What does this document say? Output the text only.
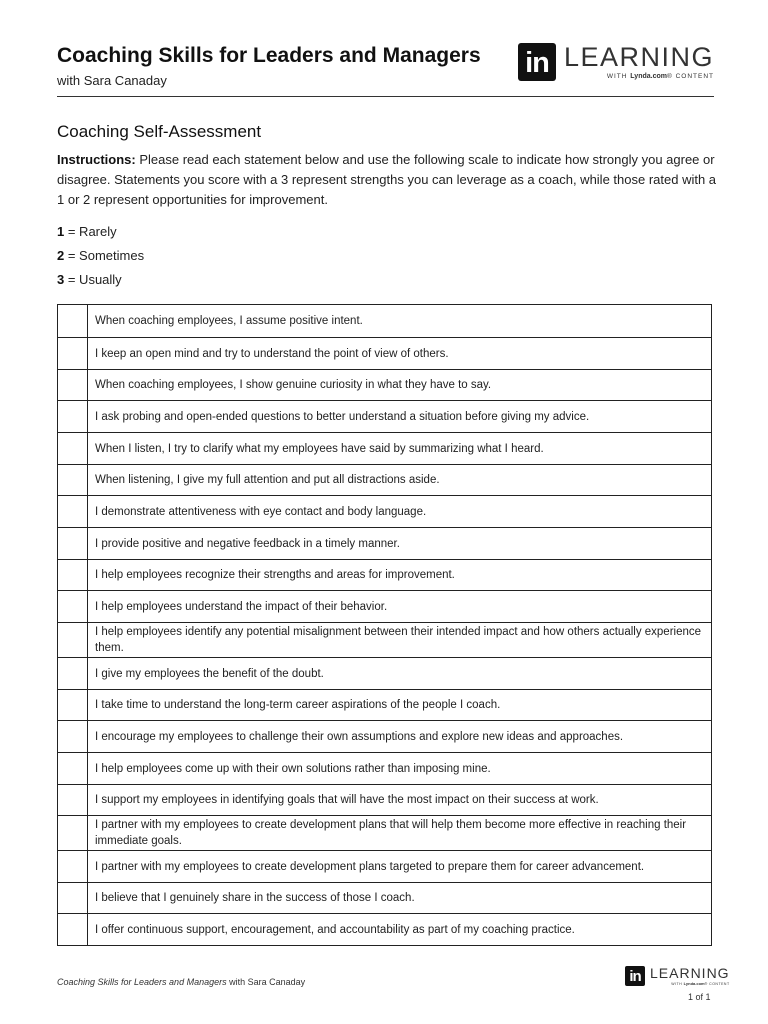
Coaching Skills for Leaders and Managers
with Sara Canaday
in LEARNING
WITH Lynda.com® CONTENT
Coaching Self-Assessment
Instructions: Please read each statement below and use the following scale to indicate how strongly you agree or disagree. Statements you score with a 3 represent strengths you can leverage as a coach, while those rated with a 1 or 2 represent opportunities for improvement.
1 = Rarely
2 = Sometimes
3 = Usually
When coaching employees, I assume positive intent.
I keep an open mind and try to understand the point of view of others.
When coaching employees, I show genuine curiosity in what they have to say.
I ask probing and open-ended questions to better understand a situation before giving my advice.
When I listen, I try to clarify what my employees have said by summarizing what I heard.
When listening, I give my full attention and put all distractions aside.
I demonstrate attentiveness with eye contact and body language.
I provide positive and negative feedback in a timely manner.
I help employees recognize their strengths and areas for improvement.
I help employees understand the impact of their behavior.
I help employees identify any potential misalignment between their intended impact and how others actually experience them.
I give my employees the benefit of the doubt.
I take time to understand the long-term career aspirations of the people I coach.
I encourage my employees to challenge their own assumptions and explore new ideas and approaches.
I help employees come up with their own solutions rather than imposing mine.
I support my employees in identifying goals that will have the most impact on their success at work.
I partner with my employees to create development plans that will help them become more effective in reaching their immediate goals.
I partner with my employees to create development plans targeted to prepare them for career advancement.
I believe that I genuinely share in the success of those I coach.
I offer continuous support, encouragement, and accountability as part of my coaching practice.
Coaching Skills for Leaders and Managers with Sara Canaday	in LEARNING
WITH Lynda.com® CONTENT
1 of 1
